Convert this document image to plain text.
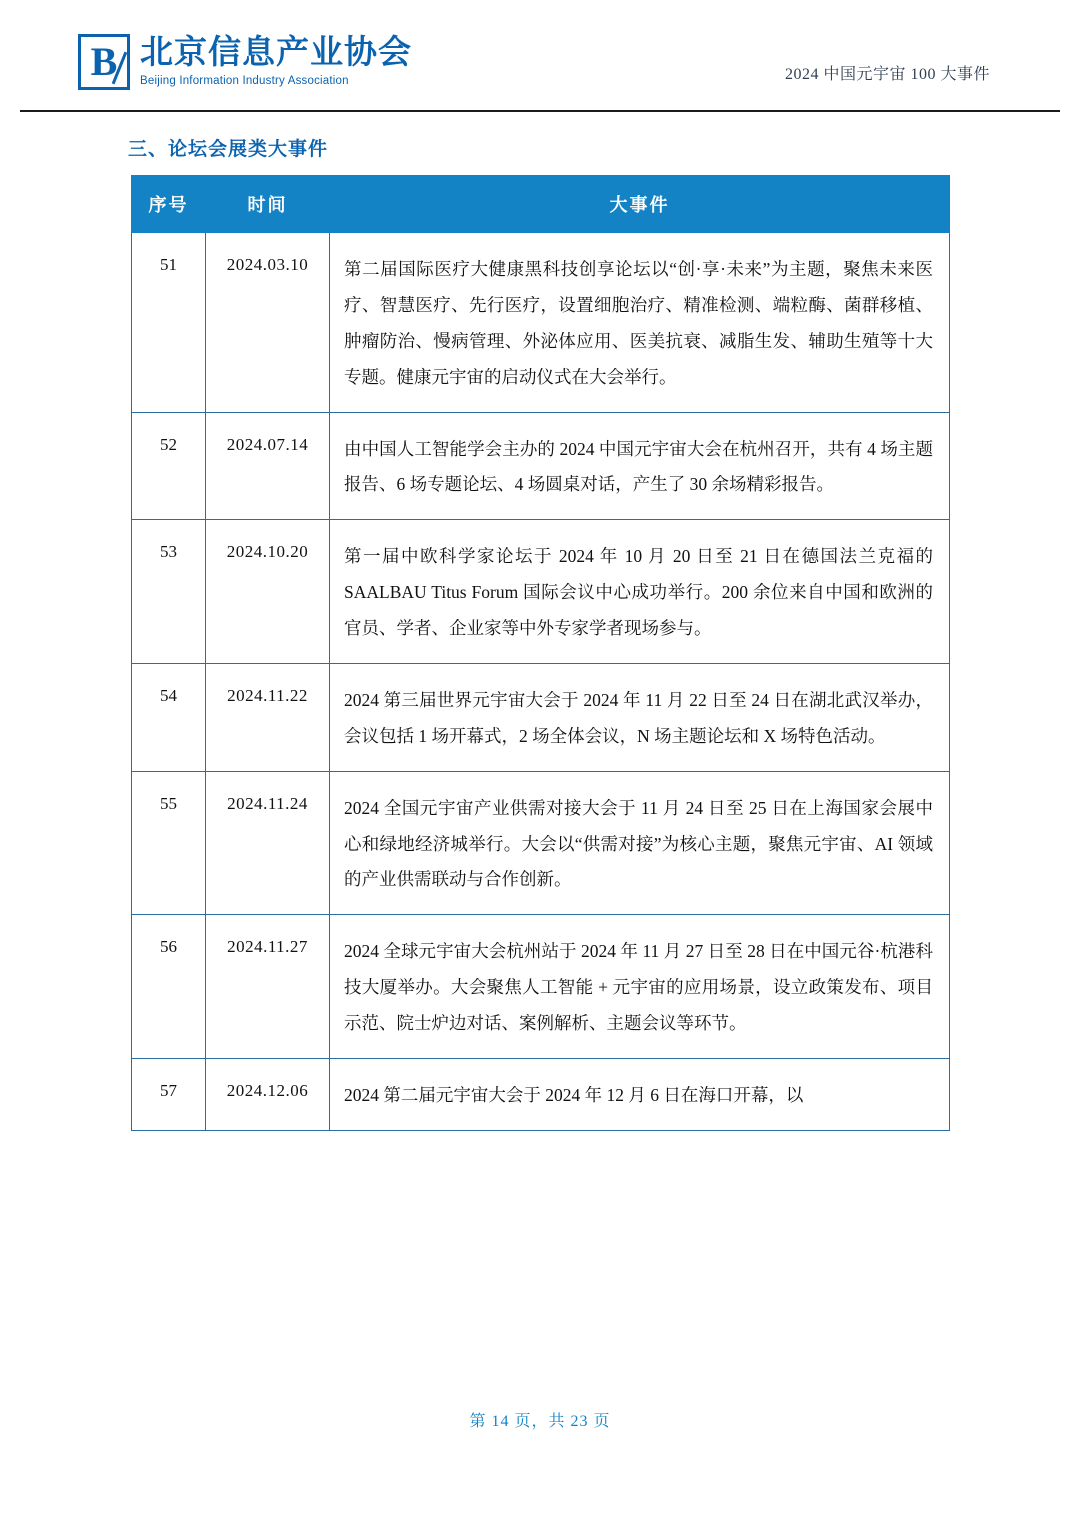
B 北京信息产业协会
Beijing Information Industry Association	2024 中国元宇宙 100 大事件
三、论坛会展类大事件
序号	时间	大事件
51	2024.03.10	第二届国际医疗大健康黑科技创享论坛以“创·享·未来”为主题，聚焦未来医疗、智慧医疗、先行医疗，设置细胞治疗、精准检测、端粒酶、菌群移植、肿瘤防治、慢病管理、外泌体应用、医美抗衰、减脂生发、辅助生殖等十大专题。健康元宇宙的启动仪式在大会举行。
52	2024.07.14	由中国人工智能学会主办的 2024 中国元宇宙大会在杭州召开，共有 4 场主题报告、6 场专题论坛、4 场圆桌对话，产生了 30 余场精彩报告。
53	2024.10.20	第一届中欧科学家论坛于 2024 年 10 月 20 日至 21 日在德国法兰克福的 SAALBAU Titus Forum 国际会议中心成功举行。200 余位来自中国和欧洲的官员、学者、企业家等中外专家学者现场参与。
54	2024.11.22	2024 第三届世界元宇宙大会于 2024 年 11 月 22 日至 24 日在湖北武汉举办，会议包括 1 场开幕式，2 场全体会议，N 场主题论坛和 X 场特色活动。
55	2024.11.24	2024 全国元宇宙产业供需对接大会于 11 月 24 日至 25 日在上海国家会展中心和绿地经济城举行。大会以“供需对接”为核心主题，聚焦元宇宙、AI 领域的产业供需联动与合作创新。
56	2024.11.27	2024 全球元宇宙大会杭州站于 2024 年 11 月 27 日至 28 日在中国元谷·杭港科技大厦举办。大会聚焦人工智能 + 元宇宙的应用场景，设立政策发布、项目示范、院士炉边对话、案例解析、主题会议等环节。
57	2024.12.06	2024 第二届元宇宙大会于 2024 年 12 月 6 日在海口开幕，以
第 14 页，共 23 页
